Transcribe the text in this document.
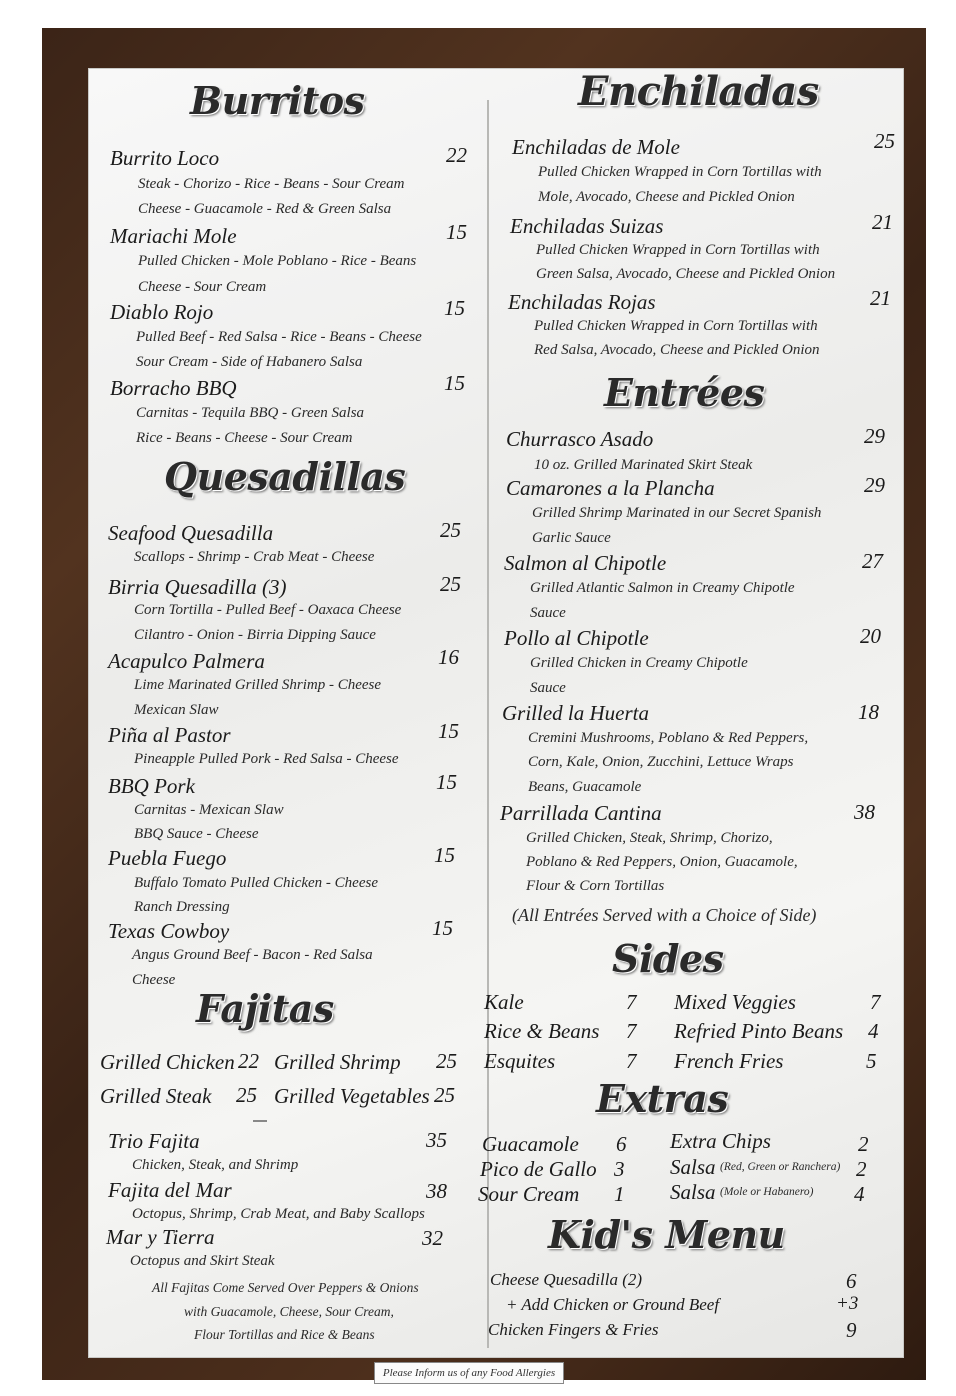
Burritos
Burrito Loco	22
Steak - Chorizo - Rice - Beans - Sour Cream
Cheese - Guacamole - Red & Green Salsa
Mariachi Mole	15
Pulled Chicken - Mole Poblano - Rice - Beans
Cheese - Sour Cream
Diablo Rojo	15
Pulled Beef - Red Salsa - Rice - Beans - Cheese
Sour Cream - Side of Habanero Salsa
Borracho BBQ	15
Carnitas - Tequila BBQ - Green Salsa
Rice - Beans - Cheese - Sour Cream
Quesadillas
Seafood Quesadilla	25
Scallops - Shrimp - Crab Meat - Cheese
Birria Quesadilla (3)	25
Corn Tortilla - Pulled Beef - Oaxaca Cheese
Cilantro - Onion - Birria Dipping Sauce
Acapulco Palmera	16
Lime Marinated Grilled Shrimp - Cheese
Mexican Slaw
Piña al Pastor	15
Pineapple Pulled Pork - Red Salsa - Cheese
BBQ Pork	15
Carnitas - Mexican Slaw
BBQ Sauce - Cheese
Puebla Fuego	15
Buffalo Tomato Pulled Chicken - Cheese
Ranch Dressing
Texas Cowboy	15
Angus Ground Beef - Bacon - Red Salsa
Cheese
Fajitas
Grilled Chicken 22 Grilled Shrimp 25
Grilled Steak 25 Grilled Vegetables 25
Trio Fajita	35
Chicken, Steak, and Shrimp
Fajita del Mar	38
Octopus, Shrimp, Crab Meat, and Baby Scallops
Mar y Tierra	32
Octopus and Skirt Steak
All Fajitas Come Served Over Peppers & Onions
with Guacamole, Cheese, Sour Cream,
Flour Tortillas and Rice & Beans
Enchiladas
Enchiladas de Mole	25
Pulled Chicken Wrapped in Corn Tortillas with
Mole, Avocado, Cheese and Pickled Onion
Enchiladas Suizas	21
Pulled Chicken Wrapped in Corn Tortillas with
Green Salsa, Avocado, Cheese and Pickled Onion
Enchiladas Rojas	21
Pulled Chicken Wrapped in Corn Tortillas with
Red Salsa, Avocado, Cheese and Pickled Onion
Entrées
Churrasco Asado	29
10 oz. Grilled Marinated Skirt Steak
Camarones a la Plancha	29
Grilled Shrimp Marinated in our Secret Spanish
Garlic Sauce
Salmon al Chipotle	27
Grilled Atlantic Salmon in Creamy Chipotle
Sauce
Pollo al Chipotle	20
Grilled Chicken in Creamy Chipotle
Sauce
Grilled la Huerta	18
Cremini Mushrooms, Poblano & Red Peppers,
Corn, Kale, Onion, Zucchini, Lettuce Wraps
Beans, Guacamole
Parrillada Cantina	38
Grilled Chicken, Steak, Shrimp, Chorizo,
Poblano & Red Peppers, Onion, Guacamole,
Flour & Corn Tortillas
(All Entrées Served with a Choice of Side)
Sides
Kale	7 Mixed Veggies	7
Rice & Beans 7 Refried Pinto Beans 4
Esquites	7 French Fries	5
Extras
Guacamole 6 Extra Chips	2
Pico de Gallo 3 Salsa (Red, Green or Ranchera) 2
Sour Cream 1 Salsa (Mole or Habanero) 4
Kid's Menu
Cheese Quesadilla (2)	6
+ Add Chicken or Ground Beef	+3
Chicken Fingers & Fries	9
Please Inform us of any Food Allergies
